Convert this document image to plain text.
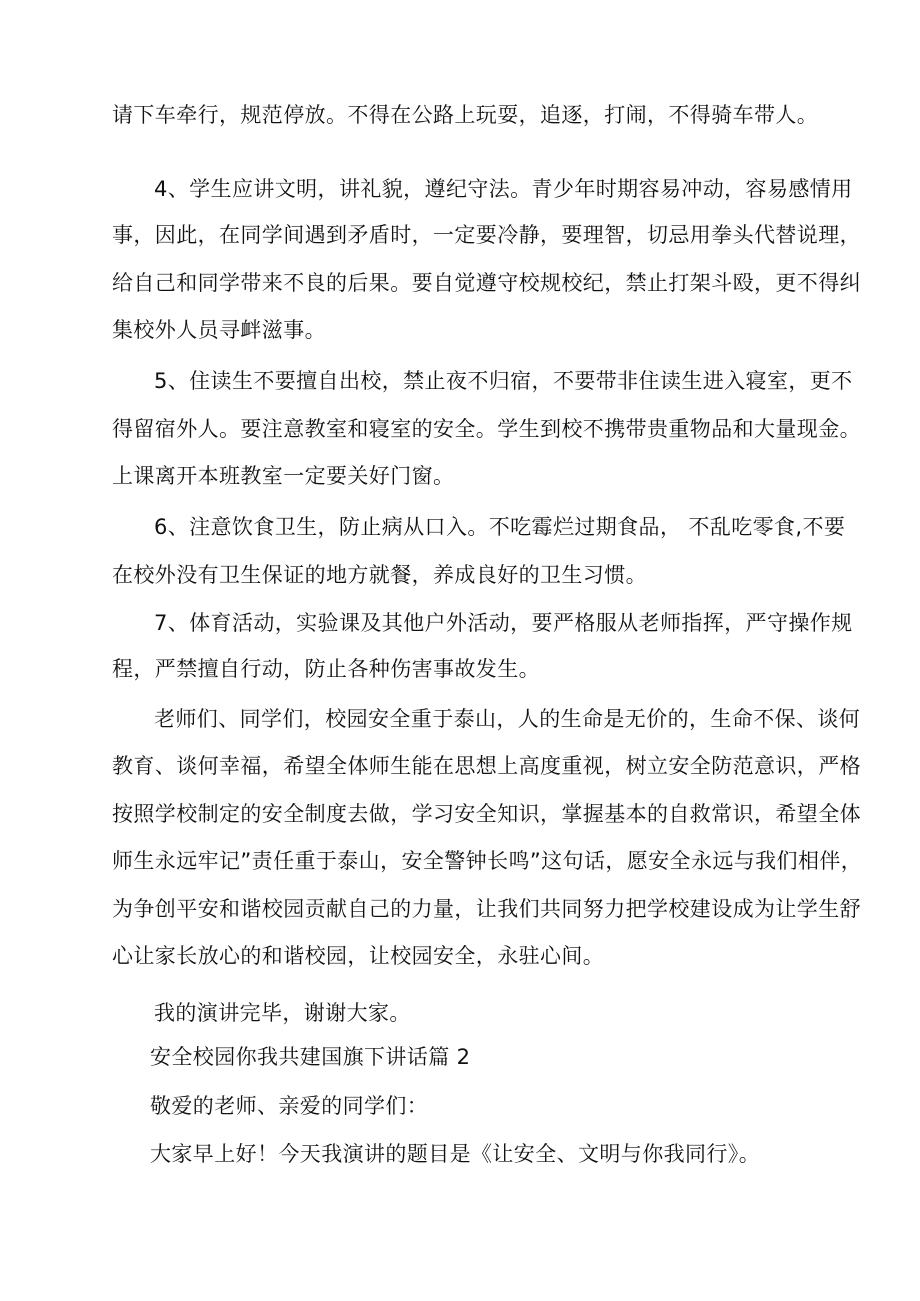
请下车牵行，规范停放。不得在公路上玩耍，追逐，打闹，不得骑车带人。
4、学生应讲文明，讲礼貌，遵纪守法。青少年时期容易冲动，容易感情用
事，因此，在同学间遇到矛盾时，一定要冷静，要理智，切忌用拳头代替说理，
给自己和同学带来不良的后果。要自觉遵守校规校纪，禁止打架斗殴，更不得纠
集校外人员寻衅滋事。
5、住读生不要擅自出校，禁止夜不归宿，不要带非住读生进入寝室，更不
得留宿外人。要注意教室和寝室的安全。学生到校不携带贵重物品和大量现金。
上课离开本班教室一定要关好门窗。
6、注意饮食卫生，防止病从口入。不吃霉烂过期食品， 不乱吃零食,不要
在校外没有卫生保证的地方就餐，养成良好的卫生习惯。
7、体育活动，实验课及其他户外活动，要严格服从老师指挥，严守操作规
程，严禁擅自行动，防止各种伤害事故发生。
老师们、同学们，校园安全重于泰山，人的生命是无价的，生命不保、谈何
教育、谈何幸福，希望全体师生能在思想上高度重视，树立安全防范意识，严格
按照学校制定的安全制度去做，学习安全知识，掌握基本的自救常识，希望全体
师生永远牢记”责任重于泰山，安全警钟长鸣”这句话，愿安全永远与我们相伴，
为争创平安和谐校园贡献自己的力量，让我们共同努力把学校建设成为让学生舒
心让家长放心的和谐校园，让校园安全，永驻心间。
我的演讲完毕，谢谢大家。
安全校园你我共建国旗下讲话篇 2
敬爱的老师、亲爱的同学们：
大家早上好！今天我演讲的题目是《让安全、文明与你我同行》。
